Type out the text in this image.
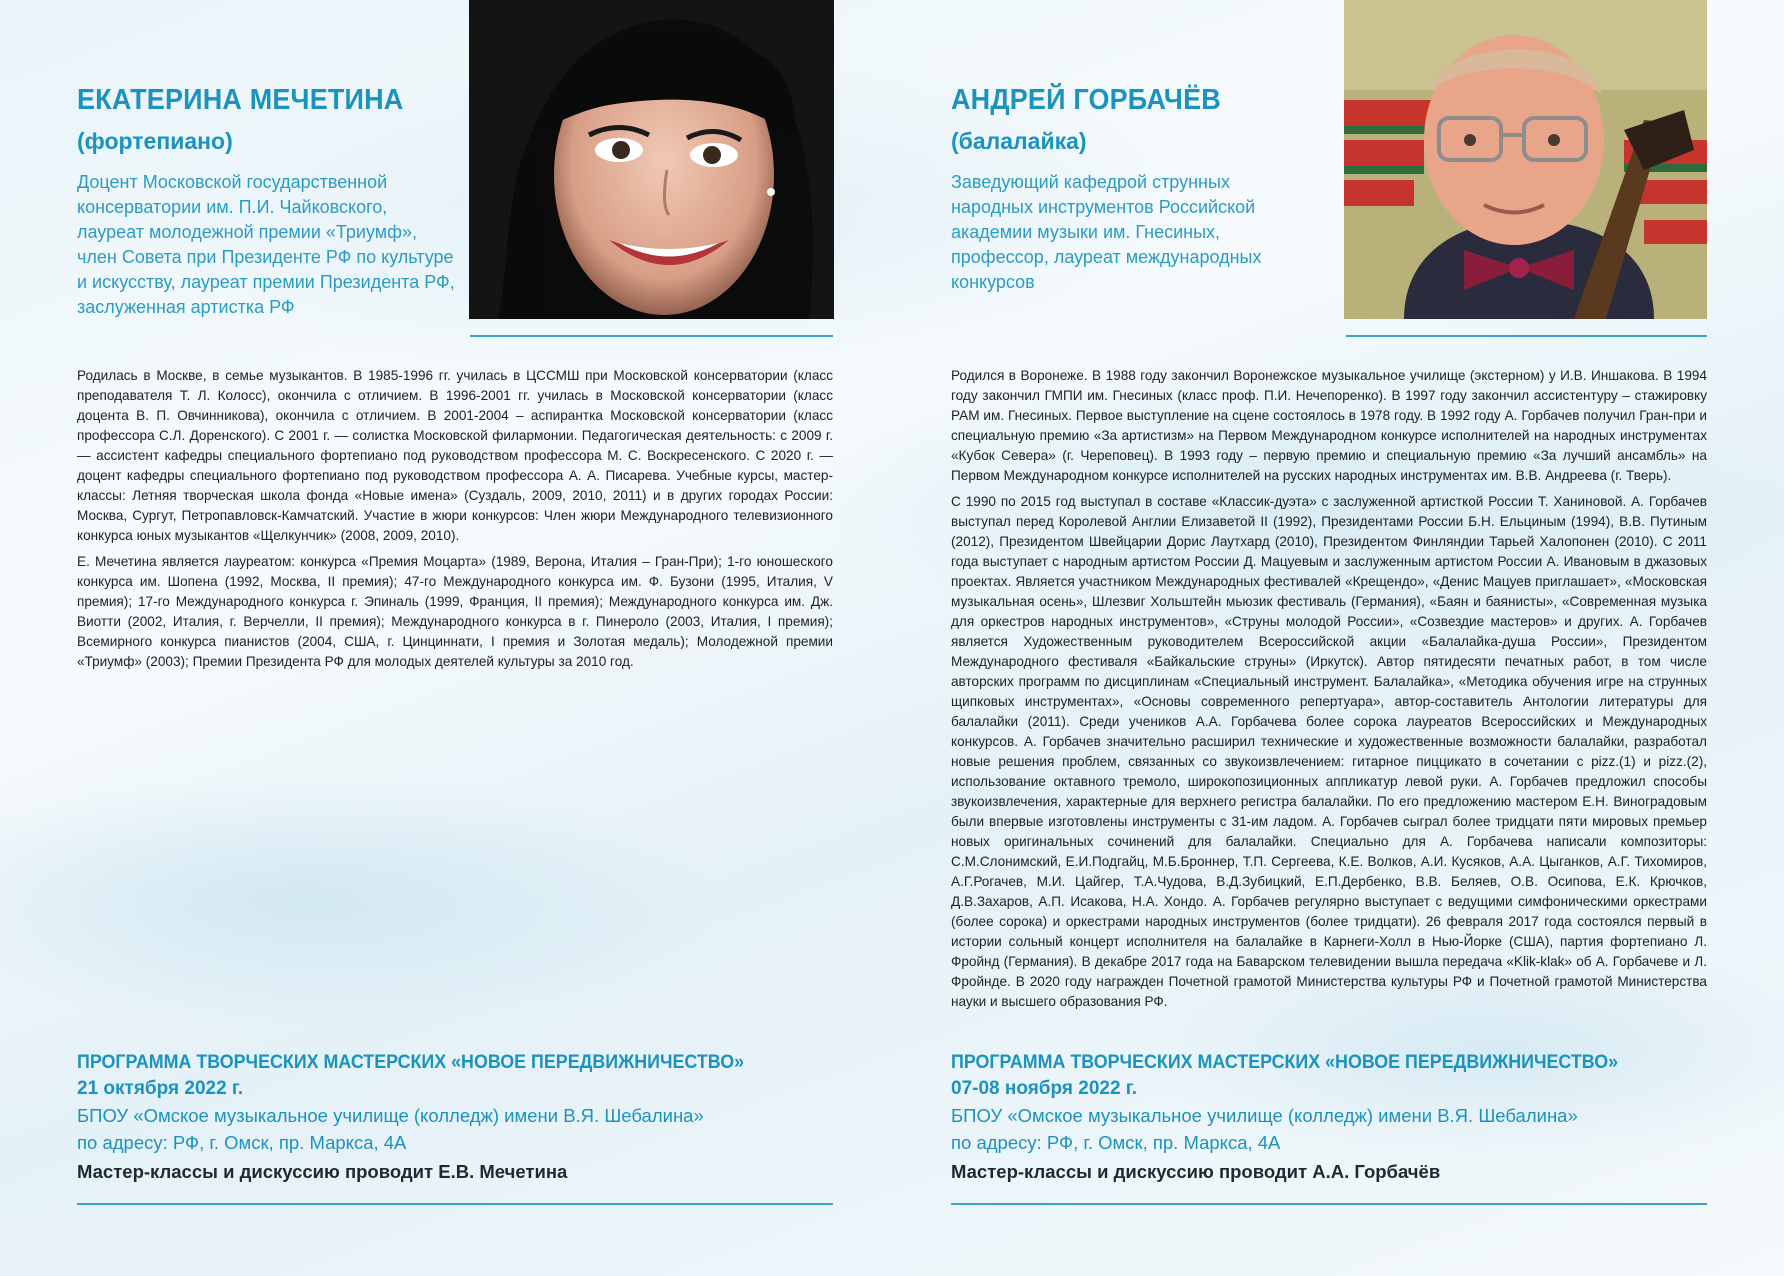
ЕКАТЕРИНА МЕЧЕТИНА
(фортепиано)
Доцент Московской государственной
консерватории им. П.И. Чайковского,
лауреат молодежной премии «Триумф»,
член Совета при Президенте РФ по культуре
и искусству, лауреат премии Президента РФ,
заслуженная артистка РФ

Родилась в Москве, в семье музыкантов. В 1985-1996 гг. училась в ЦССМШ при Московской консерватории (класс преподавателя Т. Л. Колосс), окончила с отличием. В 1996-2001 гг. училась в Московской консерватории (класс доцента В. П. Овчинникова), окончила с отличием. В 2001-2004 – аспирантка Московской консерватории (класс профессора С.Л. Доренского). С 2001 г. — солистка Московской филармонии. Педагогическая деятельность: с 2009 г. — ассистент кафедры специального фортепиано под руководством профессора М. С. Воскресенского. С 2020 г. — доцент кафедры специального фортепиано под руководством профессора А. А. Писарева. Учебные курсы, мастер-классы: Летняя творческая школа фонда «Новые имена» (Суздаль, 2009, 2010, 2011) и в других городах России: Москва, Сургут, Петропавловск-Камчатский. Участие в жюри конкурсов: Член жюри Международного телевизионного конкурса юных музыкантов «Щелкунчик» (2008, 2009, 2010).

Е. Мечетина является лауреатом: конкурса «Премия Моцарта» (1989, Верона, Италия – Гран-При); 1-го юношеского конкурса им. Шопена (1992, Москва, II премия); 47-го Международного конкурса им. Ф. Бузони (1995, Италия, V премия); 17-го Международного конкурса г. Эпиналь (1999, Франция, II премия); Международного конкурса им. Дж. Виотти (2002, Италия, г. Верчелли, II премия); Международного конкурса в г. Пинероло (2003, Италия, I премия); Всемирного конкурса пианистов (2004, США, г. Цинциннати, I премия и Золотая медаль); Молодежной премии «Триумф» (2003); Премии Президента РФ для молодых деятелей культуры за 2010 год.

ПРОГРАММА ТВОРЧЕСКИХ МАСТЕРСКИХ «НОВОЕ ПЕРЕДВИЖНИЧЕСТВО»
21 октября 2022 г.
БПОУ «Омское музыкальное училище (колледж) имени В.Я. Шебалина»
по адресу: РФ, г. Омск, пр. Маркса, 4А
Мастер-классы и дискуссию проводит Е.В. Мечетина
АНДРЕЙ ГОРБАЧЁВ
(балалайка)
Заведующий кафедрой струнных
народных инструментов Российской
академии музыки им. Гнесиных,
профессор, лауреат международных
конкурсов

Родился в Воронеже. В 1988 году закончил Воронежское музыкальное училище (экстерном) у И.В. Иншакова. В 1994 году закончил ГМПИ им. Гнесиных (класс проф. П.И. Нечепоренко). В 1997 году закончил ассистентуру – стажировку РАМ им. Гнесиных. Первое выступление на сцене состоялось в 1978 году. В 1992 году А. Горбачев получил Гран-при и специальную премию «За артистизм» на Первом Международном конкурсе исполнителей на народных инструментах «Кубок Севера» (г. Череповец). В 1993 году – первую премию и специальную премию «За лучший ансамбль» на Первом Международном конкурсе исполнителей на русских народных инструментах им. В.В. Андреева (г. Тверь).

С 1990 по 2015 год выступал в составе «Классик-дуэта» с заслуженной артисткой России Т. Ханиновой. А. Горбачев выступал перед Королевой Англии Елизаветой II (1992), Президентами России Б.Н. Ельциным (1994), В.В. Путиным (2012), Президентом Швейцарии Дорис Лаутхард (2010), Президентом Финляндии Тарьей Халопонен (2010). С 2011 года выступает с народным артистом России Д. Мацуевым и заслуженным артистом России А. Ивановым в джазовых проектах. Является участником Международных фестивалей «Крещендо», «Денис Мацуев приглашает», «Московская музыкальная осень», Шлезвиг Хольштейн мьюзик фестиваль (Германия), «Баян и баянисты», «Современная музыка для оркестров народных инструментов», «Струны молодой России», «Созвездие мастеров» и других. А. Горбачев является Художественным руководителем Всероссийской акции «Балалайка-душа России», Президентом Международного фестиваля «Байкальские струны» (Иркутск). Автор пятидесяти печатных работ, в том числе авторских программ по дисциплинам «Специальный инструмент. Балалайка», «Методика обучения игре на струнных щипковых инструментах», «Основы современного репертуара», автор-составитель Антологии литературы для балалайки (2011). Среди учеников А.А. Горбачева более сорока лауреатов Всероссийских и Международных конкурсов. А. Горбачев значительно расширил технические и художественные возможности балалайки, разработал новые решения проблем, связанных со звукоизвлечением: гитарное пиццикато в сочетании с pizz.(1) и pizz.(2), использование октавного тремоло, широкопозиционных аппликатур левой руки. А. Горбачев предложил способы звукоизвлечения, характерные для верхнего регистра балалайки. По его предложению мастером Е.Н. Виноградовым были впервые изготовлены инструменты с 31-им ладом. А. Горбачев сыграл более тридцати пяти мировых премьер новых оригинальных сочинений для балалайки. Специально для А. Горбачева написали композиторы: С.М.Слонимский, Е.И.Подгайц, М.Б.Броннер, Т.П. Сергеева, К.Е. Волков, А.И. Кусяков, А.А. Цыганков, А.Г. Тихомиров, А.Г.Рогачев, М.И. Цайгер, Т.А.Чудова, В.Д.Зубицкий, Е.П.Дербенко, В.В. Беляев, О.В. Осипова, Е.К. Крючков, Д.В.Захаров, А.П. Исакова, Н.А. Хондо. А. Горбачев регулярно выступает с ведущими симфоническими оркестрами (более сорока) и оркестрами народных инструментов (более тридцати). 26 февраля 2017 года состоялся первый в истории сольный концерт исполнителя на балалайке в Карнеги-Холл в Нью-Йорке (США), партия фортепиано Л. Фройнд (Германия). В декабре 2017 года на Баварском телевидении вышла передача «Klik-klak» об А. Горбачеве и Л. Фройнде. В 2020 году награжден Почетной грамотой Министерства культуры РФ и Почетной грамотой Министерства науки и высшего образования РФ.

ПРОГРАММА ТВОРЧЕСКИХ МАСТЕРСКИХ «НОВОЕ ПЕРЕДВИЖНИЧЕСТВО»
07-08 ноября 2022 г.
БПОУ «Омское музыкальное училище (колледж) имени В.Я. Шебалина»
по адресу: РФ, г. Омск, пр. Маркса, 4А
Мастер-классы и дискуссию проводит А.А. Горбачёв
